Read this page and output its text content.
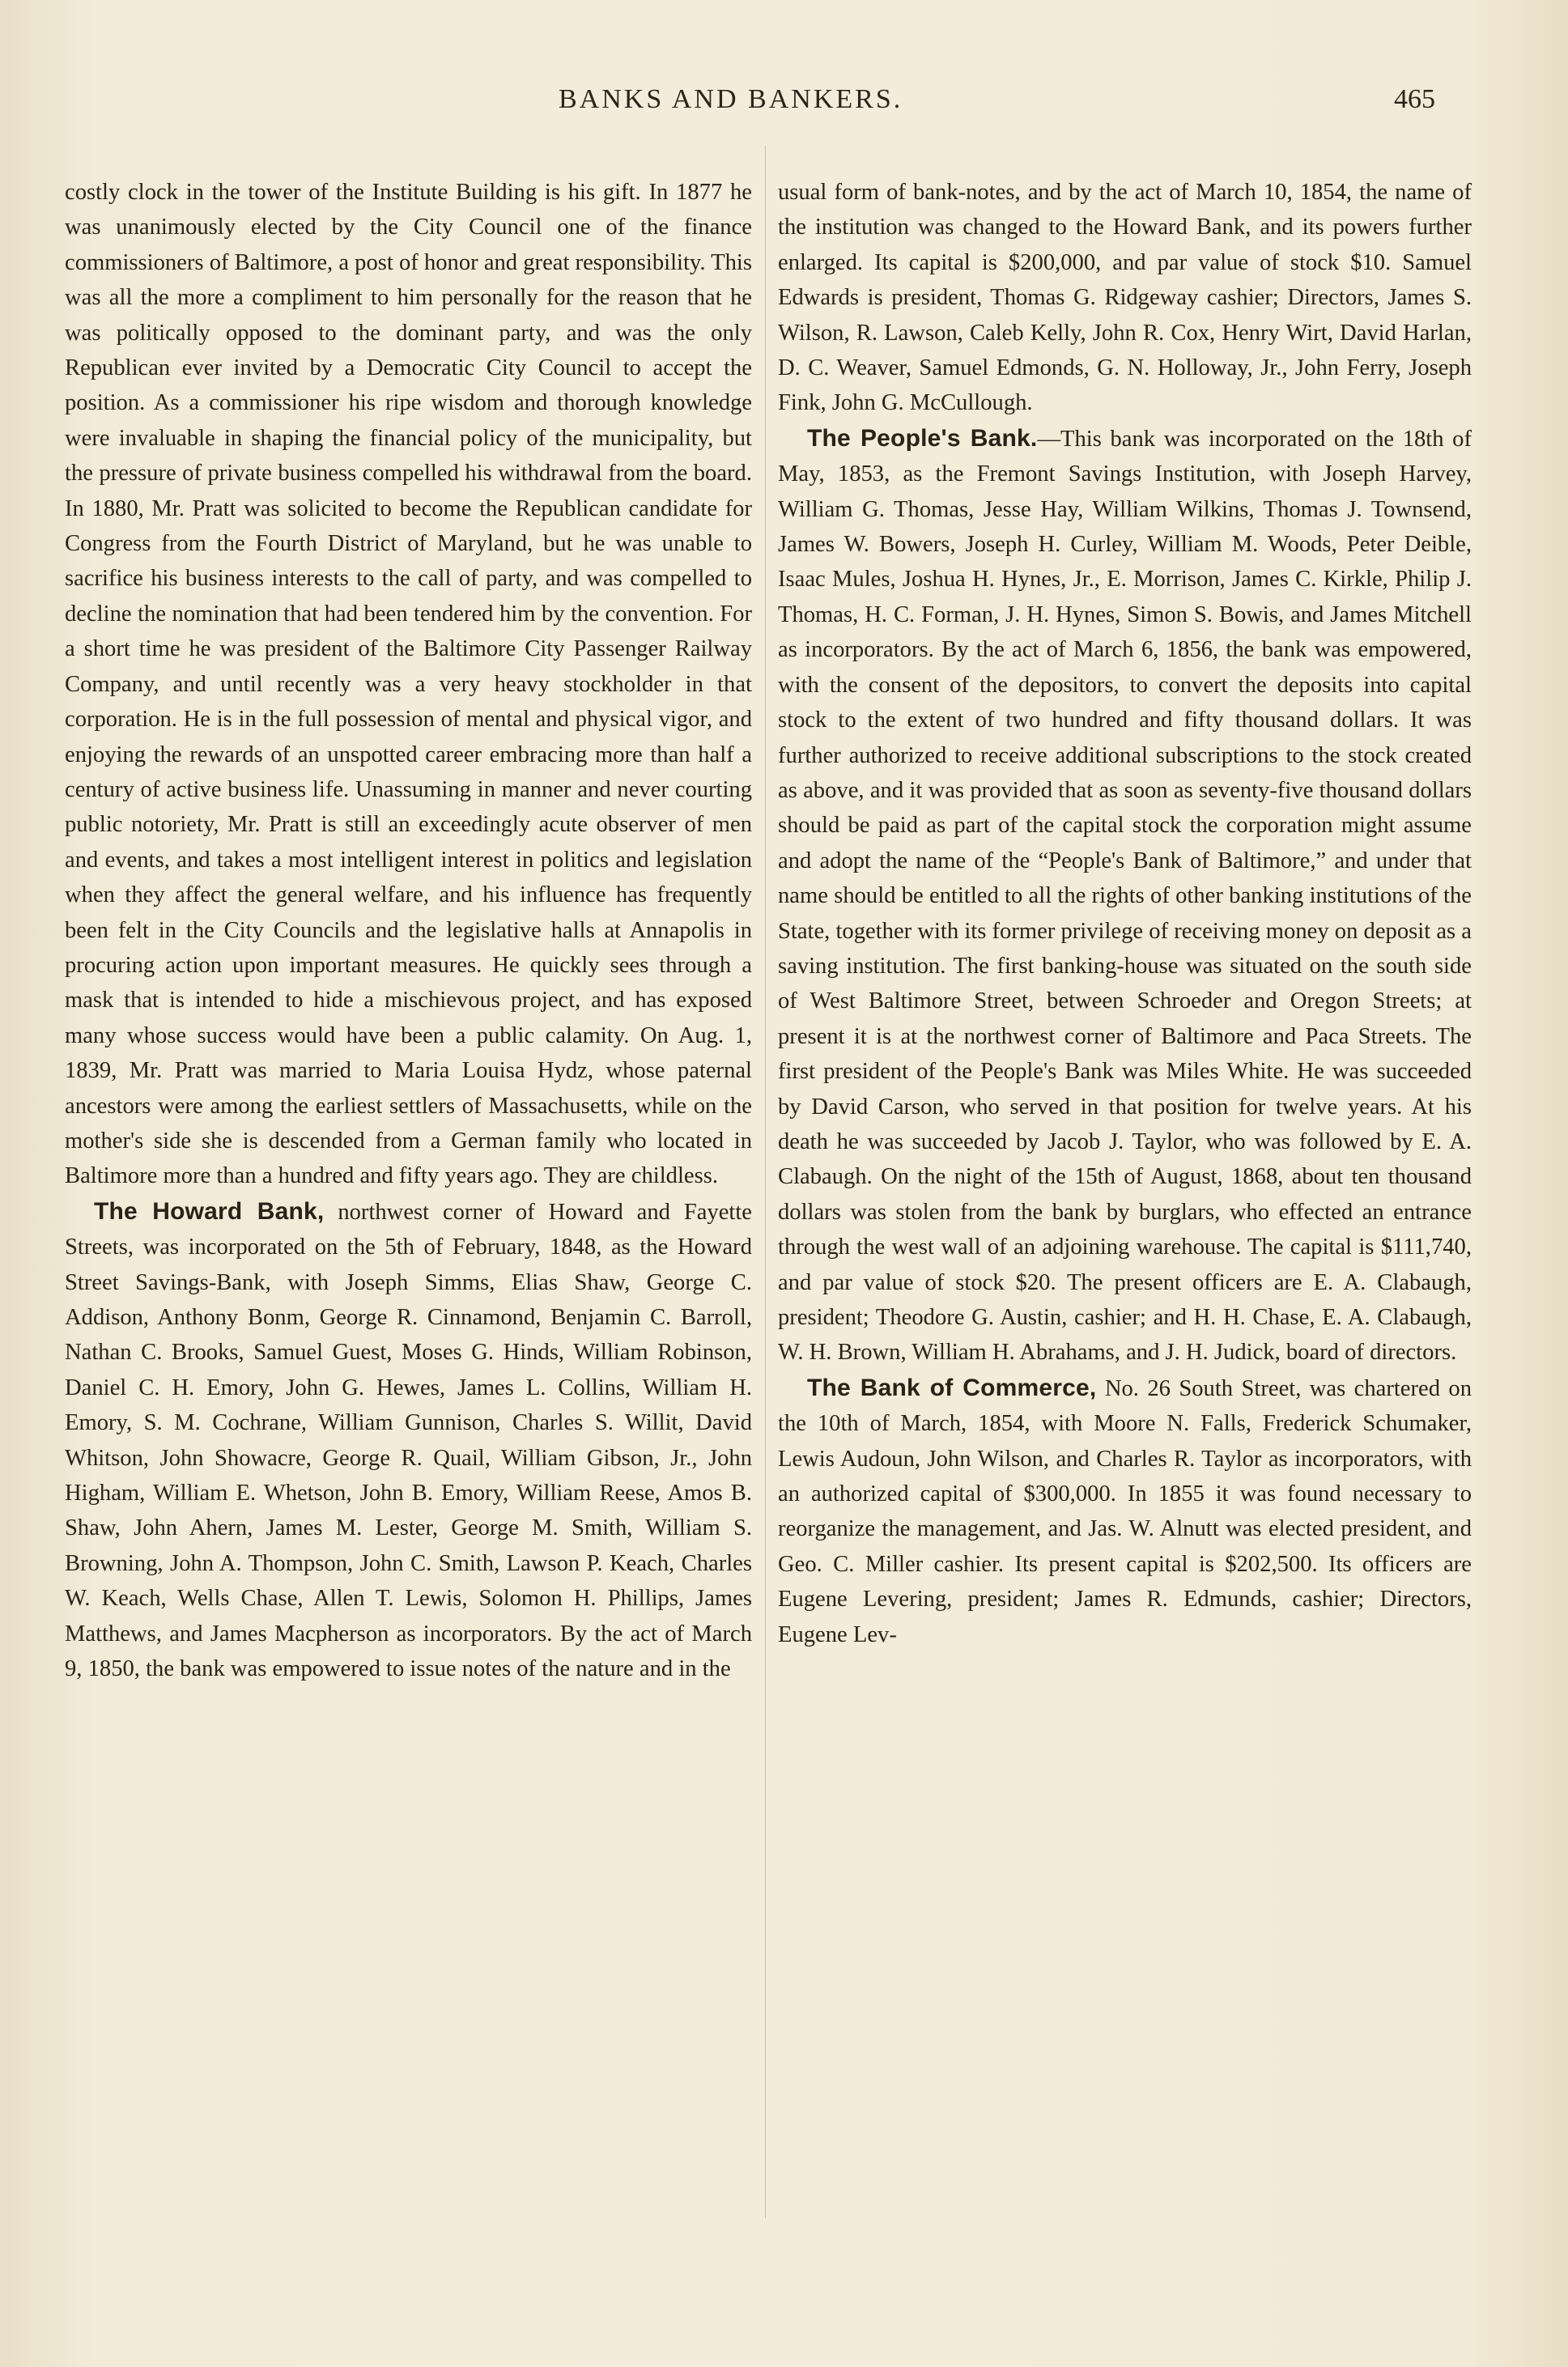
BANKS AND BANKERS.	465

costly clock in the tower of the Institute Building is his gift. In 1877 he was unanimously elected by the City Council one of the finance commissioners of Baltimore, a post of honor and great responsibility. This was all the more a compliment to him personally for the reason that he was politically opposed to the dominant party, and was the only Republican ever invited by a Democratic City Council to accept the position. As a commissioner his ripe wisdom and thorough knowledge were invaluable in shaping the financial policy of the municipality, but the pressure of private business compelled his withdrawal from the board. In 1880, Mr. Pratt was solicited to become the Republican candidate for Congress from the Fourth District of Maryland, but he was unable to sacrifice his business interests to the call of party, and was compelled to decline the nomination that had been tendered him by the convention. For a short time he was president of the Baltimore City Passenger Railway Company, and until recently was a very heavy stockholder in that corporation. He is in the full possession of mental and physical vigor, and enjoying the rewards of an unspotted career embracing more than half a century of active business life. Unassuming in manner and never courting public notoriety, Mr. Pratt is still an exceedingly acute observer of men and events, and takes a most intelligent interest in politics and legislation when they affect the general welfare, and his influence has frequently been felt in the City Councils and the legislative halls at Annapolis in procuring action upon important measures. He quickly sees through a mask that is intended to hide a mischievous project, and has exposed many whose success would have been a public calamity. On Aug. 1, 1839, Mr. Pratt was married to Maria Louisa Hydz, whose paternal ancestors were among the earliest settlers of Massachusetts, while on the mother's side she is descended from a German family who located in Baltimore more than a hundred and fifty years ago. They are childless.

The Howard Bank, northwest corner of Howard and Fayette Streets, was incorporated on the 5th of February, 1848, as the Howard Street Savings-Bank, with Joseph Simms, Elias Shaw, George C. Addison, Anthony Bonm, George R. Cinnamond, Benjamin C. Barroll, Nathan C. Brooks, Samuel Guest, Moses G. Hinds, William Robinson, Daniel C. H. Emory, John G. Hewes, James L. Collins, William H. Emory, S. M. Cochrane, William Gunnison, Charles S. Willit, David Whitson, John Showacre, George R. Quail, William Gibson, Jr., John Higham, William E. Whetson, John B. Emory, William Reese, Amos B. Shaw, John Ahern, James M. Lester, George M. Smith, William S. Browning, John A. Thompson, John C. Smith, Lawson P. Keach, Charles W. Keach, Wells Chase, Allen T. Lewis, Solomon H. Phillips, James Matthews, and James Macpherson as incorporators. By the act of March 9, 1850, the bank was empowered to issue notes of the nature and in the

usual form of bank-notes, and by the act of March 10, 1854, the name of the institution was changed to the Howard Bank, and its powers further enlarged. Its capital is $200,000, and par value of stock $10. Samuel Edwards is president, Thomas G. Ridgeway cashier; Directors, James S. Wilson, R. Lawson, Caleb Kelly, John R. Cox, Henry Wirt, David Harlan, D. C. Weaver, Samuel Edmonds, G. N. Holloway, Jr., John Ferry, Joseph Fink, John G. McCullough.

The People's Bank.—This bank was incorporated on the 18th of May, 1853, as the Fremont Savings Institution, with Joseph Harvey, William G. Thomas, Jesse Hay, William Wilkins, Thomas J. Townsend, James W. Bowers, Joseph H. Curley, William M. Woods, Peter Deible, Isaac Mules, Joshua H. Hynes, Jr., E. Morrison, James C. Kirkle, Philip J. Thomas, H. C. Forman, J. H. Hynes, Simon S. Bowis, and James Mitchell as incorporators. By the act of March 6, 1856, the bank was empowered, with the consent of the depositors, to convert the deposits into capital stock to the extent of two hundred and fifty thousand dollars. It was further authorized to receive additional subscriptions to the stock created as above, and it was provided that as soon as seventy-five thousand dollars should be paid as part of the capital stock the corporation might assume and adopt the name of the “People's Bank of Baltimore,” and under that name should be entitled to all the rights of other banking institutions of the State, together with its former privilege of receiving money on deposit as a saving institution. The first banking-house was situated on the south side of West Baltimore Street, between Schroeder and Oregon Streets; at present it is at the northwest corner of Baltimore and Paca Streets. The first president of the People's Bank was Miles White. He was succeeded by David Carson, who served in that position for twelve years. At his death he was succeeded by Jacob J. Taylor, who was followed by E. A. Clabaugh. On the night of the 15th of August, 1868, about ten thousand dollars was stolen from the bank by burglars, who effected an entrance through the west wall of an adjoining warehouse. The capital is $111,740, and par value of stock $20. The present officers are E. A. Clabaugh, president; Theodore G. Austin, cashier; and H. H. Chase, E. A. Clabaugh, W. H. Brown, William H. Abrahams, and J. H. Judick, board of directors.

The Bank of Commerce, No. 26 South Street, was chartered on the 10th of March, 1854, with Moore N. Falls, Frederick Schumaker, Lewis Audoun, John Wilson, and Charles R. Taylor as incorporators, with an authorized capital of $300,000. In 1855 it was found necessary to reorganize the management, and Jas. W. Alnutt was elected president, and Geo. C. Miller cashier. Its present capital is $202,500. Its officers are Eugene Levering, president; James R. Edmunds, cashier; Directors, Eugene Lev-
